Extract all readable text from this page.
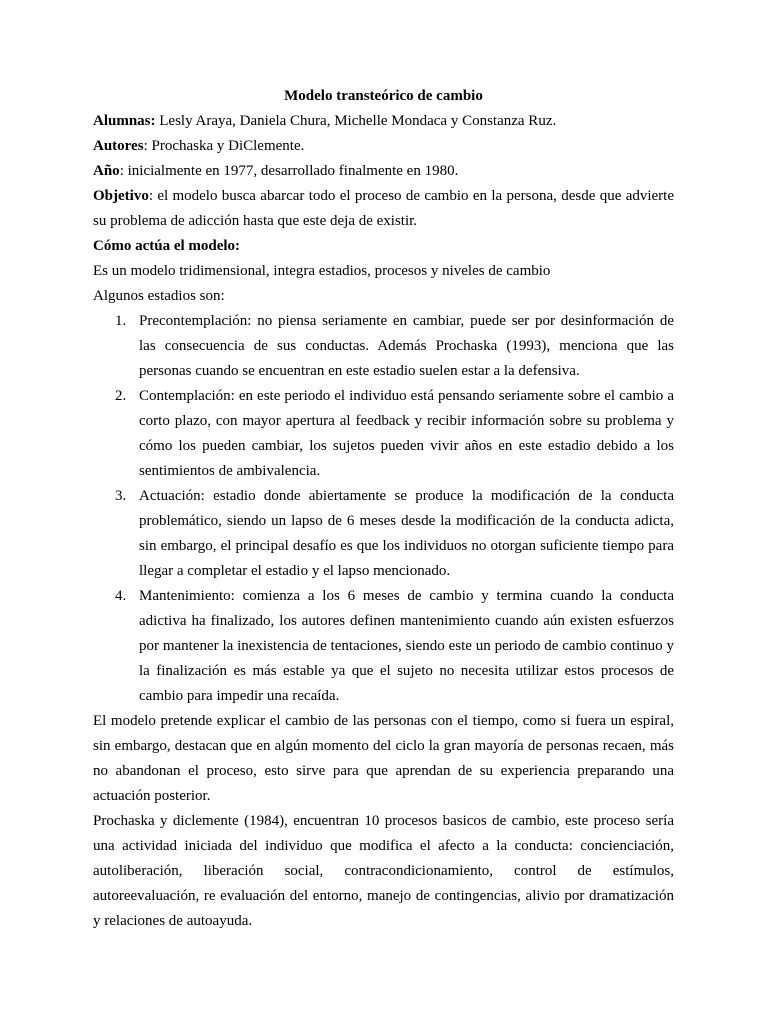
Modelo transteórico de cambio

Alumnas: Lesly Araya, Daniela Chura, Michelle Mondaca y Constanza Ruz.

Autores: Prochaska y DiClemente.

Año: inicialmente en 1977, desarrollado finalmente en 1980.

Objetivo: el modelo busca abarcar todo el proceso de cambio en la persona, desde que advierte su problema de adicción hasta que este deja de existir.

Cómo actúa el modelo:

Es un modelo tridimensional, integra estadios, procesos y niveles de cambio

Algunos estadios son:

1. Precontemplación: no piensa seriamente en cambiar, puede ser por desinformación de las consecuencia de sus conductas. Además Prochaska (1993), menciona que las personas cuando se encuentran en este estadio suelen estar a la defensiva.
2. Contemplación: en este periodo el individuo está pensando seriamente sobre el cambio a corto plazo, con mayor apertura al feedback y recibir información sobre su problema y cómo los pueden cambiar, los sujetos pueden vivir años en este estadio debido a los sentimientos de ambivalencia.
3. Actuación: estadio donde abiertamente se produce la modificación de la conducta problemático, siendo un lapso de 6 meses desde la modificación de la conducta adicta, sin embargo, el principal desafío es que los individuos no otorgan suficiente tiempo para llegar a completar el estadio y el lapso mencionado.
4. Mantenimiento: comienza a los 6 meses de cambio y termina cuando la conducta adictiva ha finalizado, los autores definen mantenimiento cuando aún existen esfuerzos por mantener la inexistencia de tentaciones, siendo este un periodo de cambio continuo y la finalización es más estable ya que el sujeto no necesita utilizar estos procesos de cambio para impedir una recaída.

El modelo pretende explicar el cambio de las personas con el tiempo, como si fuera un espiral, sin embargo, destacan que en algún momento del ciclo la gran mayoría de personas recaen, más no abandonan el proceso, esto sirve para que aprendan de su experiencia preparando una actuación posterior.

Prochaska y diclemente (1984), encuentran 10 procesos basicos de cambio, este proceso sería una actividad iniciada del individuo que modifica el afecto a la conducta: concienciación, autoliberación, liberación social, contracondicionamiento, control de estímulos, autoreevaluación, re evaluación del entorno, manejo de contingencias, alivio por dramatización y relaciones de autoayuda.
